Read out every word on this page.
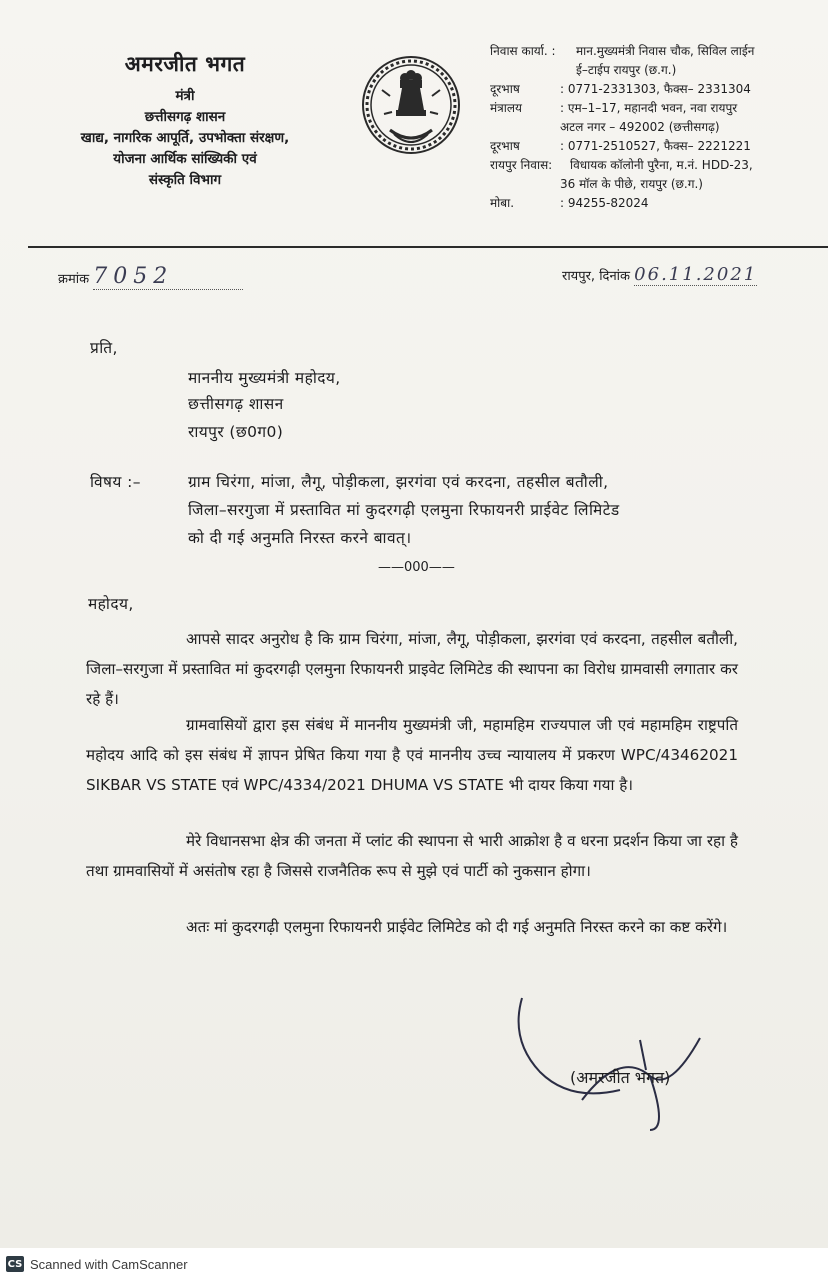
अमरजीत भगत
मंत्री
छत्तीसगढ़ शासन
खाद्य, नागरिक आपूर्ति, उपभोक्ता संरक्षण,
योजना आर्थिक सांख्यिकी एवं
संस्कृति विभाग
निवास कार्या. :	मान.मुख्यमंत्री निवास चौक, सिविल लाईन
ई–टाईप रायपुर (छ.ग.)
दूरभाष	: 0771-2331303, फैक्स– 2331304
मंत्रालय	: एम–1–17, महानदी भवन, नवा रायपुर
अटल नगर – 492002 (छत्तीसगढ़)
दूरभाष	: 0771-2510527, फैक्स– 2221221
रायपुर निवास:	विधायक कॉलोनी पुरैना, म.नं. HDD-23,
36 मॉल के पीछे, रायपुर (छ.ग.)
मोबा.	: 94255-82024
क्रमांक 7052	रायपुर, दिनांक 06.11.2021
प्रति,
माननीय मुख्यमंत्री महोदय,
छत्तीसगढ़ शासन
रायपुर (छ0ग0)
विषय :–	ग्राम चिरंगा, मांजा, लैगू, पोड़ीकला, झरगंवा एवं करदना, तहसील बतौली,
जिला–सरगुजा में प्रस्तावित मां कुदरगढ़ी एलमुना रिफायनरी प्राईवेट लिमिटेड
को दी गई अनुमति निरस्त करने बावत्।
——000——
महोदय,
आपसे सादर अनुरोध है कि ग्राम चिरंगा, मांजा, लैगू, पोड़ीकला, झरगंवा एवं करदना, तहसील बतौली, जिला–सरगुजा में प्रस्तावित मां कुदरगढ़ी एलमुना रिफायनरी प्राइवेट लिमिटेड की स्थापना का विरोध ग्रामवासी लगातार कर रहे हैं।
ग्रामवासियों द्वारा इस संबंध में माननीय मुख्यमंत्री जी, महामहिम राज्यपाल जी एवं महामहिम राष्ट्रपति महोदय आदि को इस संबंध में ज्ञापन प्रेषित किया गया है एवं माननीय उच्च न्यायालय में प्रकरण WPC/43462021 SIKBAR VS STATE एवं WPC/4334/2021 DHUMA VS STATE भी दायर किया गया है।
मेरे विधानसभा क्षेत्र की जनता में प्लांट की स्थापना से भारी आक्रोश है व धरना प्रदर्शन किया जा रहा है तथा ग्रामवासियों में असंतोष रहा है जिससे राजनैतिक रूप से मुझे एवं पार्टी को नुकसान होगा।
अतः मां कुदरगढ़ी एलमुना रिफायनरी प्राईवेट लिमिटेड को दी गई अनुमति निरस्त करने का कष्ट करेंगे।
(अमरजीत भगत)
CS Scanned with CamScanner
